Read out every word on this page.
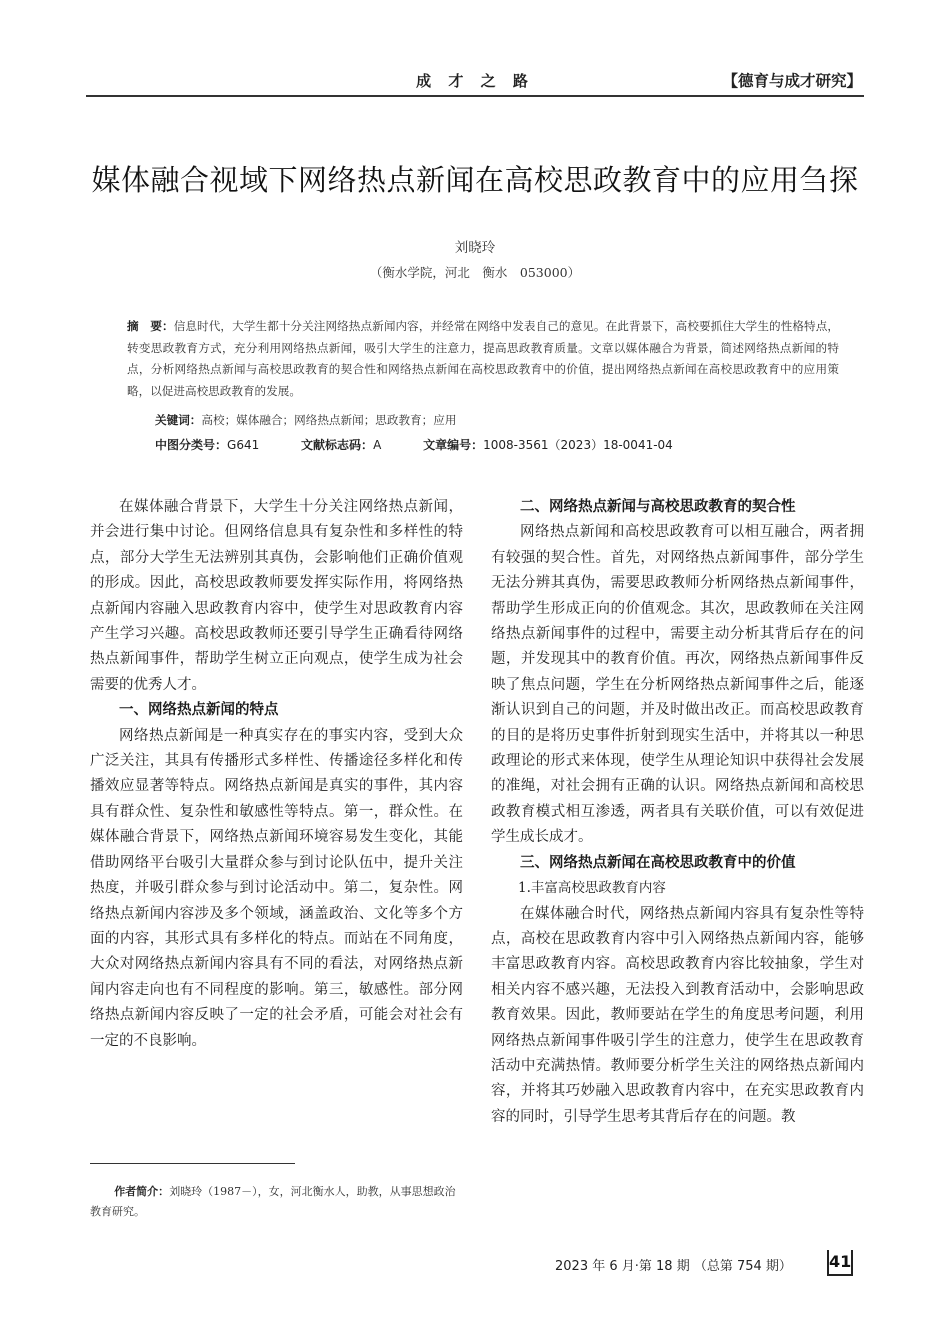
成 才 之 路	【德育与成才研究】
媒体融合视域下网络热点新闻在高校思政教育中的应用刍探
刘晓玲
（衡水学院，河北　衡水　053000）
摘　要：信息时代，大学生都十分关注网络热点新闻内容，并经常在网络中发表自己的意见。在此背景下，高校要抓住大学生的性格特点，转变思政教育方式，充分利用网络热点新闻，吸引大学生的注意力，提高思政教育质量。文章以媒体融合为背景，简述网络热点新闻的特点，分析网络热点新闻与高校思政教育的契合性和网络热点新闻在高校思政教育中的价值，提出网络热点新闻在高校思政教育中的应用策略，以促进高校思政教育的发展。
关键词：高校；媒体融合；网络热点新闻；思政教育；应用
中图分类号：G641	文献标志码：A	文章编号：1008-3561（2023）18-0041-04

在媒体融合背景下，大学生十分关注网络热点新闻，并会进行集中讨论。但网络信息具有复杂性和多样性的特点，部分大学生无法辨别其真伪，会影响他们正确价值观的形成。因此，高校思政教师要发挥实际作用，将网络热点新闻内容融入思政教育内容中，使学生对思政教育内容产生学习兴趣。高校思政教师还要引导学生正确看待网络热点新闻事件，帮助学生树立正向观点，使学生成为社会需要的优秀人才。

一、网络热点新闻的特点

网络热点新闻是一种真实存在的事实内容，受到大众广泛关注，其具有传播形式多样性、传播途径多样化和传播效应显著等特点。网络热点新闻是真实的事件，其内容具有群众性、复杂性和敏感性等特点。第一，群众性。在媒体融合背景下，网络热点新闻环境容易发生变化，其能借助网络平台吸引大量群众参与到讨论队伍中，提升关注热度，并吸引群众参与到讨论活动中。第二，复杂性。网络热点新闻内容涉及多个领域，涵盖政治、文化等多个方面的内容，其形式具有多样化的特点。而站在不同角度，大众对网络热点新闻内容具有不同的看法，对网络热点新闻内容走向也有不同程度的影响。第三，敏感性。部分网络热点新闻内容反映了一定的社会矛盾，可能会对社会有一定的不良影响。

二、网络热点新闻与高校思政教育的契合性

网络热点新闻和高校思政教育可以相互融合，两者拥有较强的契合性。首先，对网络热点新闻事件，部分学生无法分辨其真伪，需要思政教师分析网络热点新闻事件，帮助学生形成正向的价值观念。其次，思政教师在关注网络热点新闻事件的过程中，需要主动分析其背后存在的问题，并发现其中的教育价值。再次，网络热点新闻事件反映了焦点问题，学生在分析网络热点新闻事件之后，能逐渐认识到自己的问题，并及时做出改正。而高校思政教育的目的是将历史事件折射到现实生活中，并将其以一种思政理论的形式来体现，使学生从理论知识中获得社会发展的准绳，对社会拥有正确的认识。网络热点新闻和高校思政教育模式相互渗透，两者具有关联价值，可以有效促进学生成长成才。

三、网络热点新闻在高校思政教育中的价值
1.丰富高校思政教育内容

在媒体融合时代，网络热点新闻内容具有复杂性等特点，高校在思政教育内容中引入网络热点新闻内容，能够丰富思政教育内容。高校思政教育内容比较抽象，学生对相关内容不感兴趣，无法投入到教育活动中，会影响思政教育效果。因此，教师要站在学生的角度思考问题，利用网络热点新闻事件吸引学生的注意力，使学生在思政教育活动中充满热情。教师要分析学生关注的网络热点新闻内容，并将其巧妙融入思政教育内容中，在充实思政教育内容的同时，引导学生思考其背后存在的问题。教

作者简介：刘晓玲（1987－），女，河北衡水人，助教，从事思想政治教育研究。
2023 年 6 月·第 18 期 （总第 754 期） 41
